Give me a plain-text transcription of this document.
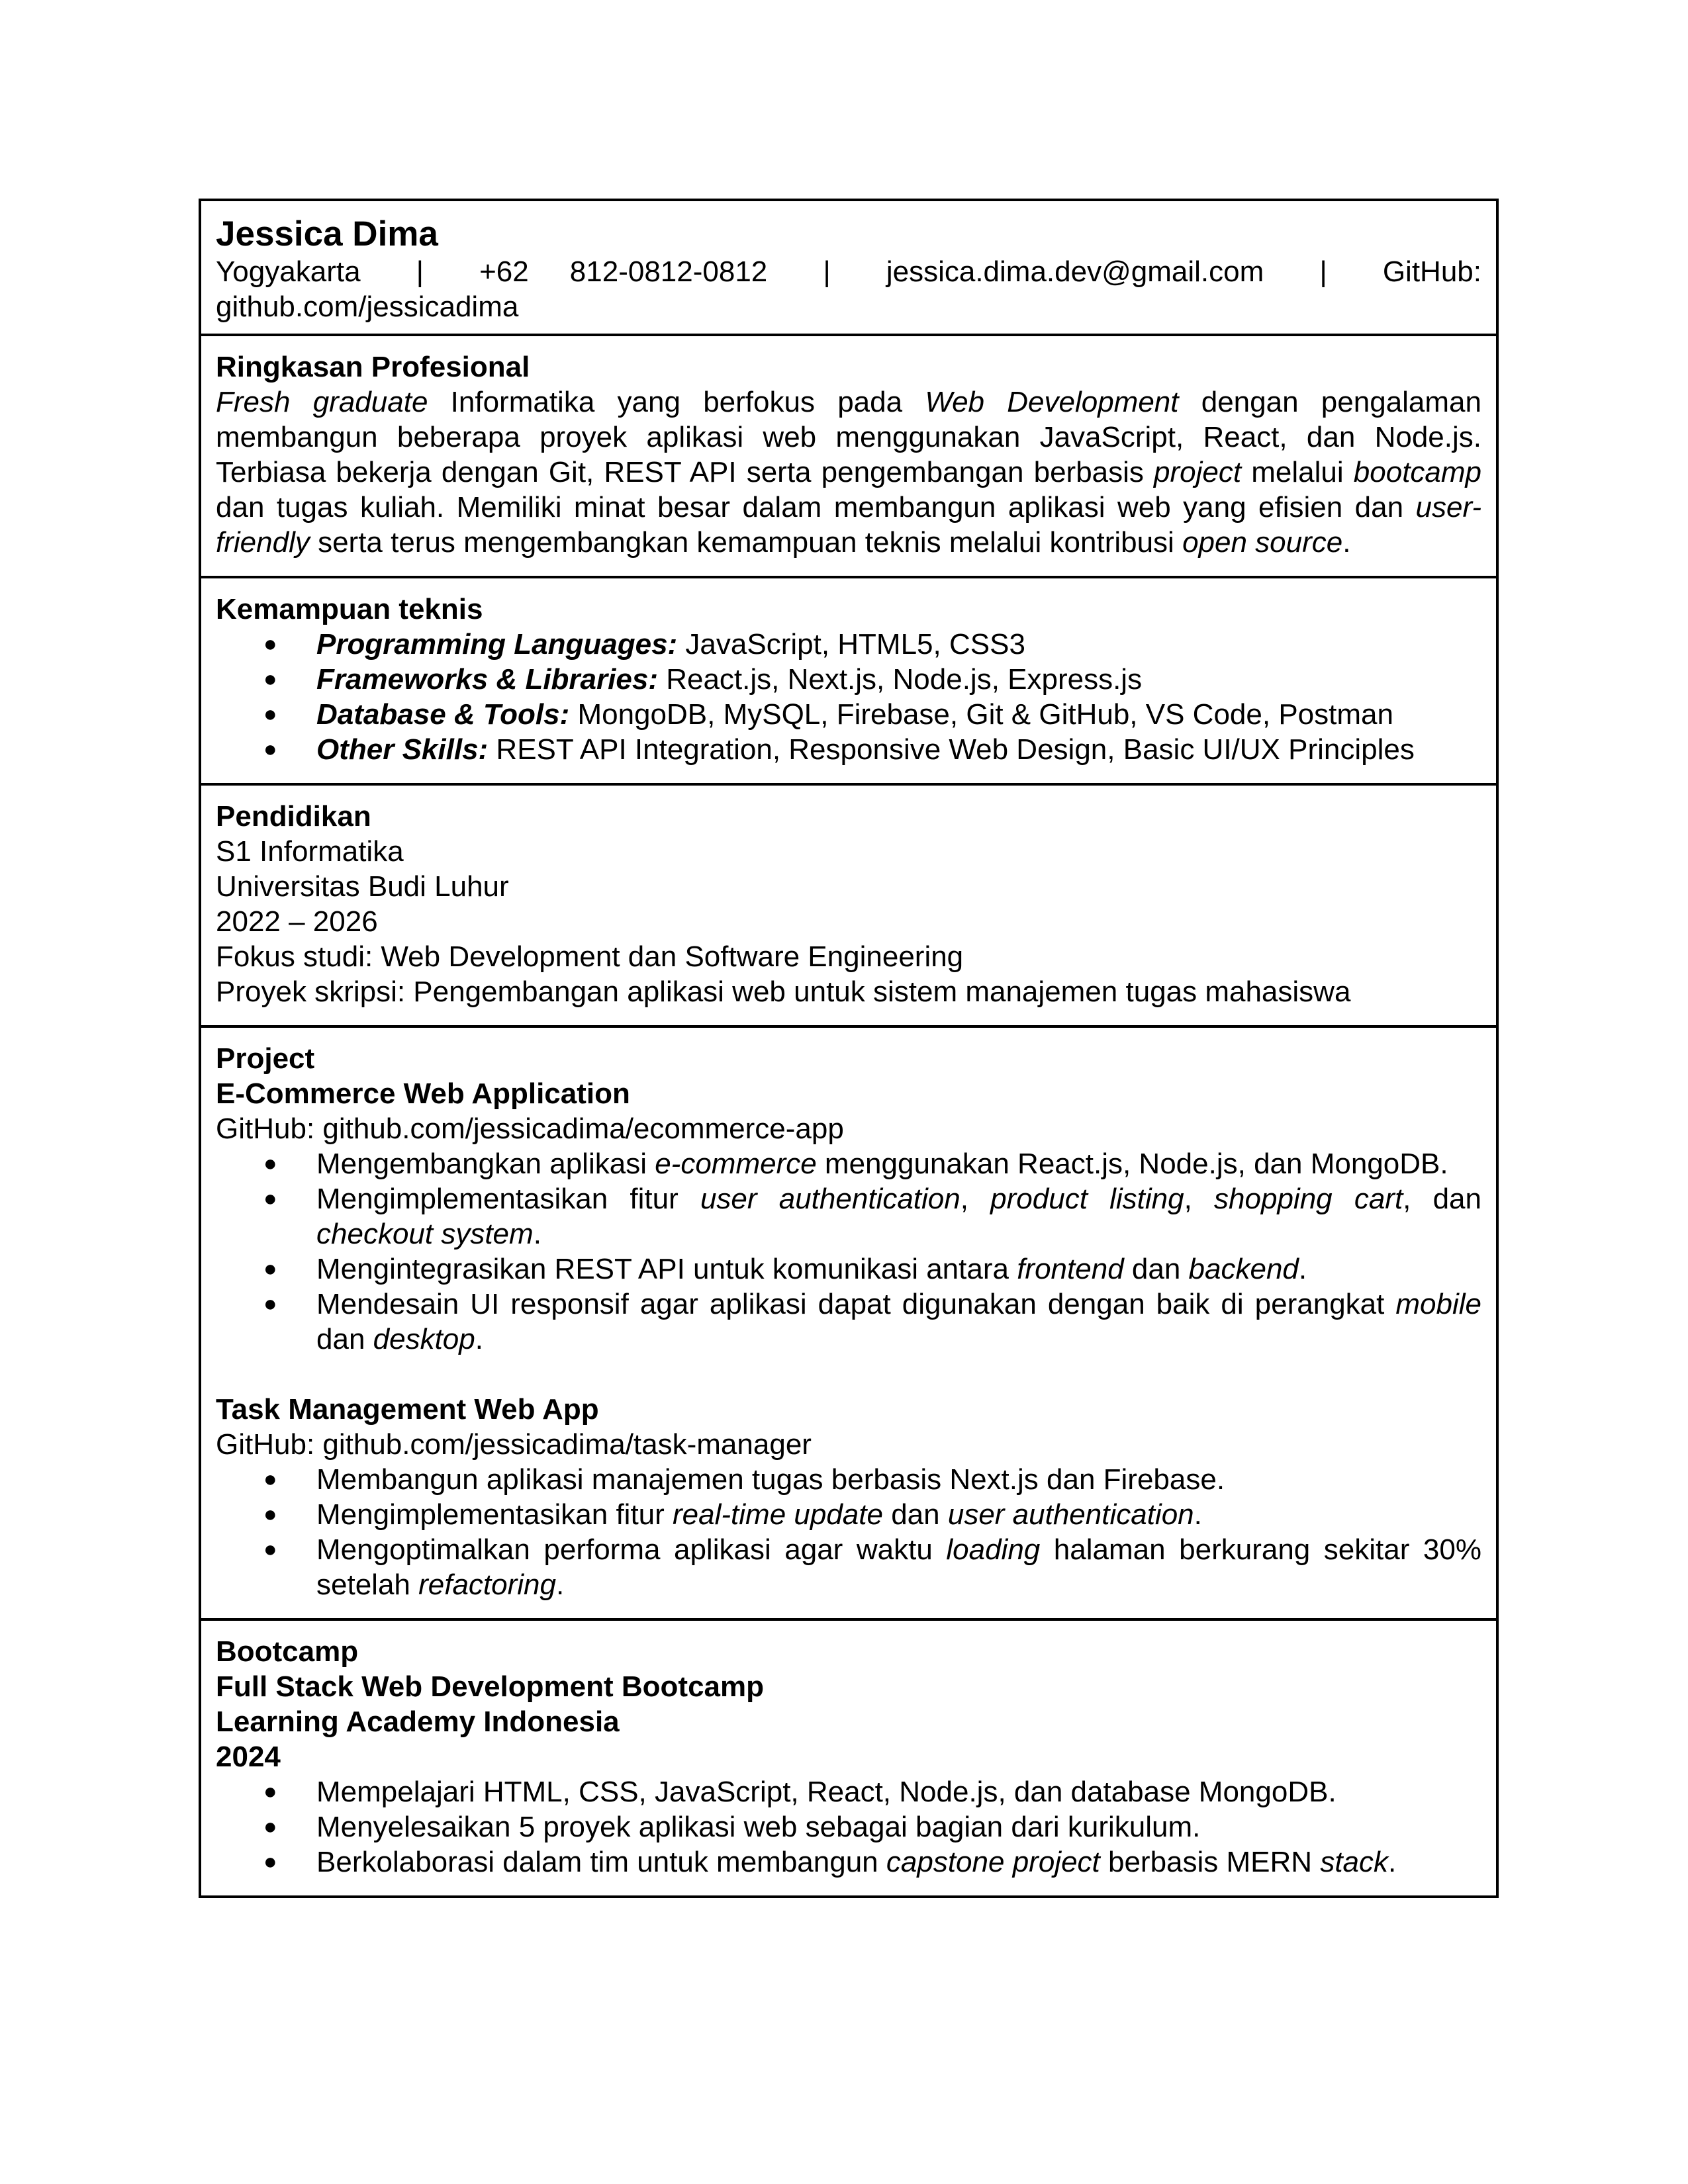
Jessica Dima
Yogyakarta | +62 812-0812-0812 | jessica.dima.dev@gmail.com | GitHub: github.com/jessicadima
Ringkasan Profesional
Fresh graduate Informatika yang berfokus pada Web Development dengan pengalaman membangun beberapa proyek aplikasi web menggunakan JavaScript, React, dan Node.js. Terbiasa bekerja dengan Git, REST API serta pengembangan berbasis project melalui bootcamp dan tugas kuliah. Memiliki minat besar dalam membangun aplikasi web yang efisien dan user-friendly serta terus mengembangkan kemampuan teknis melalui kontribusi open source.
Kemampuan teknis
● Programming Languages: JavaScript, HTML5, CSS3
● Frameworks & Libraries: React.js, Next.js, Node.js, Express.js
● Database & Tools: MongoDB, MySQL, Firebase, Git & GitHub, VS Code, Postman
● Other Skills: REST API Integration, Responsive Web Design, Basic UI/UX Principles
Pendidikan
S1 Informatika
Universitas Budi Luhur
2022 – 2026
Fokus studi: Web Development dan Software Engineering
Proyek skripsi: Pengembangan aplikasi web untuk sistem manajemen tugas mahasiswa
Project
E-Commerce Web Application
GitHub: github.com/jessicadima/ecommerce-app
● Mengembangkan aplikasi e-commerce menggunakan React.js, Node.js, dan MongoDB.
● Mengimplementasikan fitur user authentication, product listing, shopping cart, dan checkout system.
● Mengintegrasikan REST API untuk komunikasi antara frontend dan backend.
● Mendesain UI responsif agar aplikasi dapat digunakan dengan baik di perangkat mobile dan desktop.
Task Management Web App
GitHub: github.com/jessicadima/task-manager
● Membangun aplikasi manajemen tugas berbasis Next.js dan Firebase.
● Mengimplementasikan fitur real-time update dan user authentication.
● Mengoptimalkan performa aplikasi agar waktu loading halaman berkurang sekitar 30% setelah refactoring.
Bootcamp
Full Stack Web Development Bootcamp
Learning Academy Indonesia
2024
● Mempelajari HTML, CSS, JavaScript, React, Node.js, dan database MongoDB.
● Menyelesaikan 5 proyek aplikasi web sebagai bagian dari kurikulum.
● Berkolaborasi dalam tim untuk membangun capstone project berbasis MERN stack.
